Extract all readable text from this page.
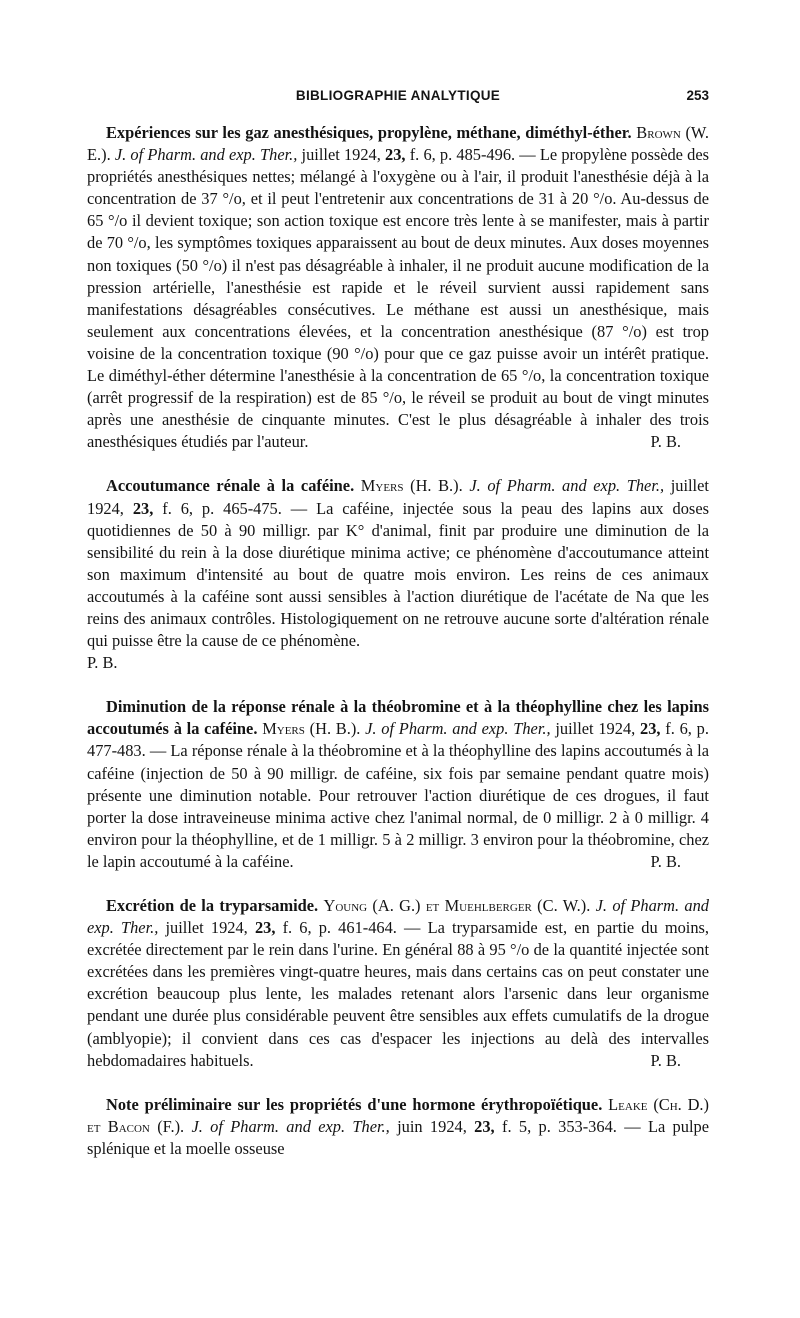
BIBLIOGRAPHIE ANALYTIQUE	253

Expériences sur les gaz anesthésiques, propylène, méthane, diméthyl-éther. Brown (W. E.). J. of Pharm. and exp. Ther., juillet 1924, 23, f. 6, p. 485-496. — Le propylène possède des propriétés anesthésiques nettes; mélangé à l'oxygène ou à l'air, il produit l'anesthésie déjà à la concentration de 37 °/o, et il peut l'entretenir aux concentrations de 31 à 20 °/o. Au-dessus de 65 °/o il devient toxique; son action toxique est encore très lente à se manifester, mais à partir de 70 °/o, les symptômes toxiques apparaissent au bout de deux minutes. Aux doses moyennes non toxiques (50 °/o) il n'est pas désagréable à inhaler, il ne produit aucune modification de la pression artérielle, l'anesthésie est rapide et le réveil survient aussi rapidement sans manifestations désagréables consécutives. Le méthane est aussi un anesthésique, mais seulement aux concentrations élevées, et la concentration anesthésique (87 °/o) est trop voisine de la concentration toxique (90 °/o) pour que ce gaz puisse avoir un intérêt pratique. Le diméthyl-éther détermine l'anesthésie à la concentration de 65 °/o, la concentration toxique (arrêt progressif de la respiration) est de 85 °/o, le réveil se produit au bout de vingt minutes après une anesthésie de cinquante minutes. C'est le plus désagréable à inhaler des trois anesthésiques étudiés par l'auteur.	P. B.

Accoutumance rénale à la caféine. Myers (H. B.). J. of Pharm. and exp. Ther., juillet 1924, 23, f. 6, p. 465-475. — La caféine, injectée sous la peau des lapins aux doses quotidiennes de 50 à 90 milligr. par K° d'animal, finit par produire une diminution de la sensibilité du rein à la dose diurétique minima active; ce phénomène d'accoutumance atteint son maximum d'intensité au bout de quatre mois environ. Les reins de ces animaux accoutumés à la caféine sont aussi sensibles à l'action diurétique de l'acétate de Na que les reins des animaux contrôles. Histologiquement on ne retrouve aucune sorte d'altération rénale qui puisse être la cause de ce phénomène.

P. B.

Diminution de la réponse rénale à la théobromine et à la théophylline chez les lapins accoutumés à la caféine. Myers (H. B.). J. of Pharm. and exp. Ther., juillet 1924, 23, f. 6, p. 477-483. — La réponse rénale à la théobromine et à la théophylline des lapins accoutumés à la caféine (injection de 50 à 90 milligr. de caféine, six fois par semaine pendant quatre mois) présente une diminution notable. Pour retrouver l'action diurétique de ces drogues, il faut porter la dose intraveineuse minima active chez l'animal normal, de 0 milligr. 2 à 0 milligr. 4 environ pour la théophylline, et de 1 milligr. 5 à 2 milligr. 3 environ pour la théobromine, chez le lapin accoutumé à la caféine.	P. B.

Excrétion de la tryparsamide. Young (A. G.) et Muehlberger (C. W.). J. of Pharm. and exp. Ther., juillet 1924, 23, f. 6, p. 461-464. — La tryparsamide est, en partie du moins, excrétée directement par le rein dans l'urine. En général 88 à 95 °/o de la quantité injectée sont excrétées dans les premières vingt-quatre heures, mais dans certains cas on peut constater une excrétion beaucoup plus lente, les malades retenant alors l'arsenic dans leur organisme pendant une durée plus considérable peuvent être sensibles aux effets cumulatifs de la drogue (amblyopie); il convient dans ces cas d'espacer les injections au delà des intervalles hebdomadaires habituels.	P. B.

Note préliminaire sur les propriétés d'une hormone érythropoïétique. Leake (Ch. D.) et Bacon (F.). J. of Pharm. and exp. Ther., juin 1924, 23, f. 5, p. 353-364. — La pulpe splénique et la moelle osseuse
